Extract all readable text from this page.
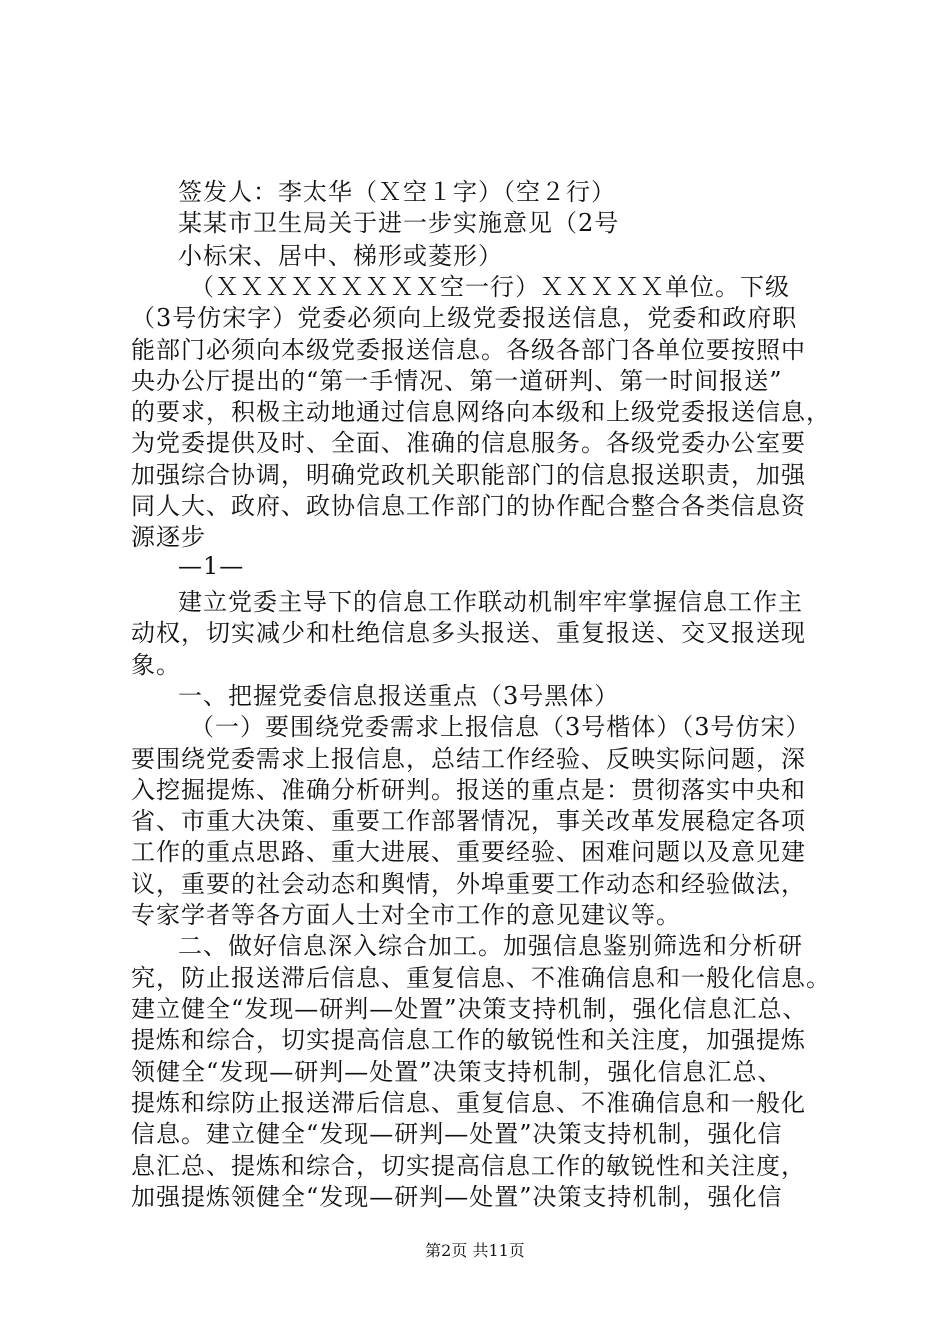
签发人：李太华（Ｘ空１字）（空２行）
某某市卫生局关于进一步实施意见（2号
小标宋、居中、梯形或菱形）
（ＸＸＸＸＸＸＸＸＸ空一行）ＸＸＸＸＸ单位。下级
（3号仿宋字）党委必须向上级党委报送信息，党委和政府职
能部门必须向本级党委报送信息。各级各部门各单位要按照中
央办公厅提出的“第一手情况、第一道研判、第一时间报送”
的要求，积极主动地通过信息网络向本级和上级党委报送信息，
为党委提供及时、全面、准确的信息服务。各级党委办公室要
加强综合协调，明确党政机关职能部门的信息报送职责，加强
同人大、政府、政协信息工作部门的协作配合整合各类信息资
源逐步
—1—
建立党委主导下的信息工作联动机制牢牢掌握信息工作主
动权，切实减少和杜绝信息多头报送、重复报送、交叉报送现
象。
一、把握党委信息报送重点（3号黑体）
（一）要围绕党委需求上报信息（3号楷体）（3号仿宋）
要围绕党委需求上报信息，总结工作经验、反映实际问题，深
入挖掘提炼、准确分析研判。报送的重点是：贯彻落实中央和
省、市重大决策、重要工作部署情况，事关改革发展稳定各项
工作的重点思路、重大进展、重要经验、困难问题以及意见建
议，重要的社会动态和舆情，外埠重要工作动态和经验做法，
专家学者等各方面人士对全市工作的意见建议等。
二、做好信息深入综合加工。加强信息鉴别筛选和分析研
究，防止报送滞后信息、重复信息、不准确信息和一般化信息。
建立健全“发现—研判—处置”决策支持机制，强化信息汇总、
提炼和综合，切实提高信息工作的敏锐性和关注度，加强提炼
领健全“发现—研判—处置”决策支持机制，强化信息汇总、
提炼和综防止报送滞后信息、重复信息、不准确信息和一般化
信息。建立健全“发现—研判—处置”决策支持机制，强化信
息汇总、提炼和综合，切实提高信息工作的敏锐性和关注度，
加强提炼领健全“发现—研判—处置”决策支持机制，强化信
第2页 共11页
